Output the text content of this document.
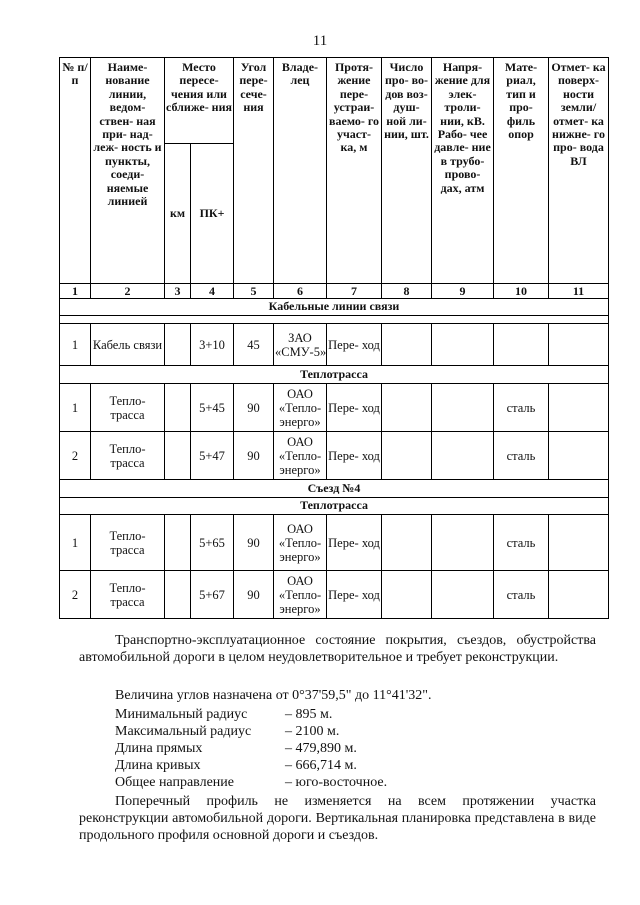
11
№ п/п	Наиме- нование линии, ведом- ствен- ная при- над-леж- ность и пункты, соеди- няемые линией	Место пересе- чения или сближе- ния		Угол пере- сече- ния	Владе- лец	Протя- жение пере- устраи- ваемо- го участ- ка, м	Число про- во- дов воз- душ- ной ли- нии, шт.	Напря- жение для элек- троли- нии, кВ. Рабо- чее давле- ние в трубо- прово- дах, атм	Мате- риал, тип и про- филь опор	Отмет- ка поверх- ности земли/ отмет- ка нижне- го про- вода ВЛ
		км	ПК+							
1	2	3	4	5	6	7	8	9	10	11
Кабельные линии связи										

1	Кабель связи		3+10	45	ЗАО «СМУ-5»	Пере- ход				
Теплотрасса										
1	Тепло- трасса		5+45	90	ОАО «Тепло- энерго»	Пере- ход			сталь	
2	Тепло- трасса		5+47	90	ОАО «Тепло- энерго»	Пере- ход			сталь	
Съезд №4										
Теплотрасса										
1	Тепло- трасса		5+65	90	ОАО «Тепло- энерго»	Пере- ход			сталь	
2	Тепло- трасса		5+67	90	ОАО «Тепло- энерго»	Пере- ход			сталь	
Транспортно-эксплуатационное состояние покрытия, съездов, обустройства автомобильной дороги в целом неудовлетворительное и требует реконструкции.
Величина углов назначена от 0°37'59,5" до 11°41'32".
Минимальный радиус	– 895 м.
Максимальный радиус – 2100 м.
Длина прямых	– 479,890 м.
Длина кривых	– 666,714 м.
Общее направление	– юго-восточное.
Поперечный профиль не изменяется на всем протяжении участка реконструкции автомобильной дороги. Вертикальная планировка представлена в виде продольного профиля основной дороги и съездов.
